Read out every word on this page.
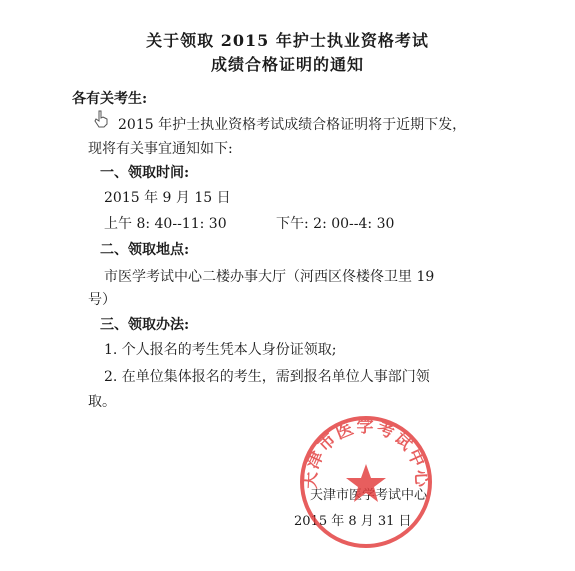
关于领取 2015 年护士执业资格考试
成绩合格证明的通知
各有关考生:
2015 年护士执业资格考试成绩合格证明将于近期下发，
现将有关事宜通知如下:
一、领取时间:
2015 年 9 月 15 日
上午 8: 40--11: 30	下午: 2: 00--4: 30
二、领取地点:
市医学考试中心二楼办事大厅（河西区佟楼佟卫里 19
号）
三、领取办法:
1. 个人报名的考生凭本人身份证领取;
2. 在单位集体报名的考生，需到报名单位人事部门领
取。
天津市医学考试中心
2015 年 8 月 31 日
天津市医学考试中心
